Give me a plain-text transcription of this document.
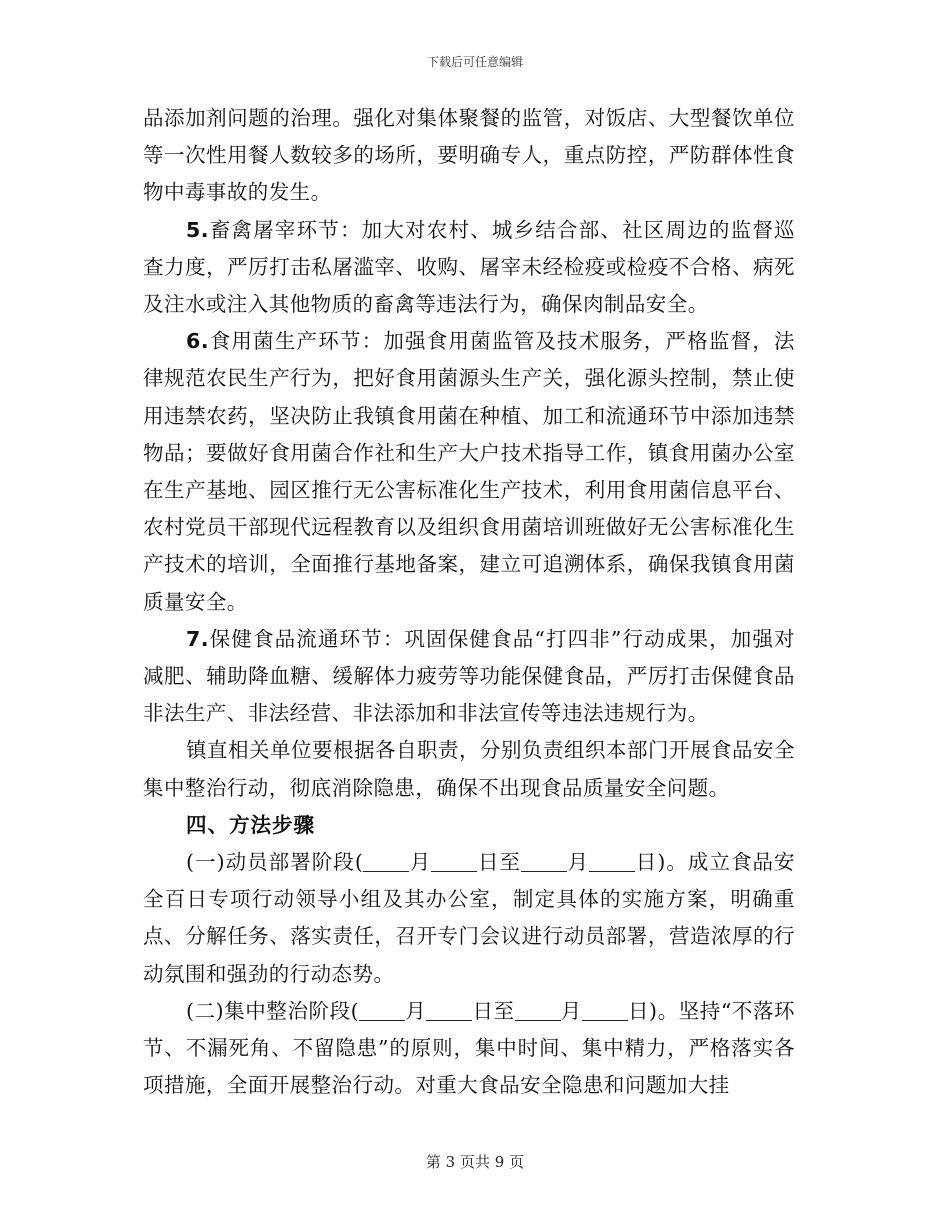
下载后可任意编辑

品添加剂问题的治理。强化对集体聚餐的监管，对饭店、大型餐饮单位等一次性用餐人数较多的场所，要明确专人，重点防控，严防群体性食物中毒事故的发生。

5.畜禽屠宰环节：加大对农村、城乡结合部、社区周边的监督巡查力度，严厉打击私屠滥宰、收购、屠宰未经检疫或检疫不合格、病死及注水或注入其他物质的畜禽等违法行为，确保肉制品安全。

6.食用菌生产环节：加强食用菌监管及技术服务，严格监督，法律规范农民生产行为，把好食用菌源头生产关，强化源头控制，禁止使用违禁农药，坚决防止我镇食用菌在种植、加工和流通环节中添加违禁物品；要做好食用菌合作社和生产大户技术指导工作，镇食用菌办公室在生产基地、园区推行无公害标准化生产技术，利用食用菌信息平台、农村党员干部现代远程教育以及组织食用菌培训班做好无公害标准化生产技术的培训，全面推行基地备案，建立可追溯体系，确保我镇食用菌质量安全。

7.保健食品流通环节：巩固保健食品“打四非”行动成果，加强对减肥、辅助降血糖、缓解体力疲劳等功能保健食品，严厉打击保健食品非法生产、非法经营、非法添加和非法宣传等违法违规行为。

镇直相关单位要根据各自职责，分别负责组织本部门开展食品安全集中整治行动，彻底消除隐患，确保不出现食品质量安全问题。

四、方法步骤

(一)动员部署阶段( 月 日至 月 日)。成立食品安全百日专项行动领导小组及其办公室，制定具体的实施方案，明确重点、分解任务、落实责任，召开专门会议进行动员部署，营造浓厚的行动氛围和强劲的行动态势。

(二)集中整治阶段( 月 日至 月 日)。坚持“不落环节、不漏死角、不留隐患”的原则，集中时间、集中精力，严格落实各项措施，全面开展整治行动。对重大食品安全隐患和问题加大挂

第 3 页共 9 页
